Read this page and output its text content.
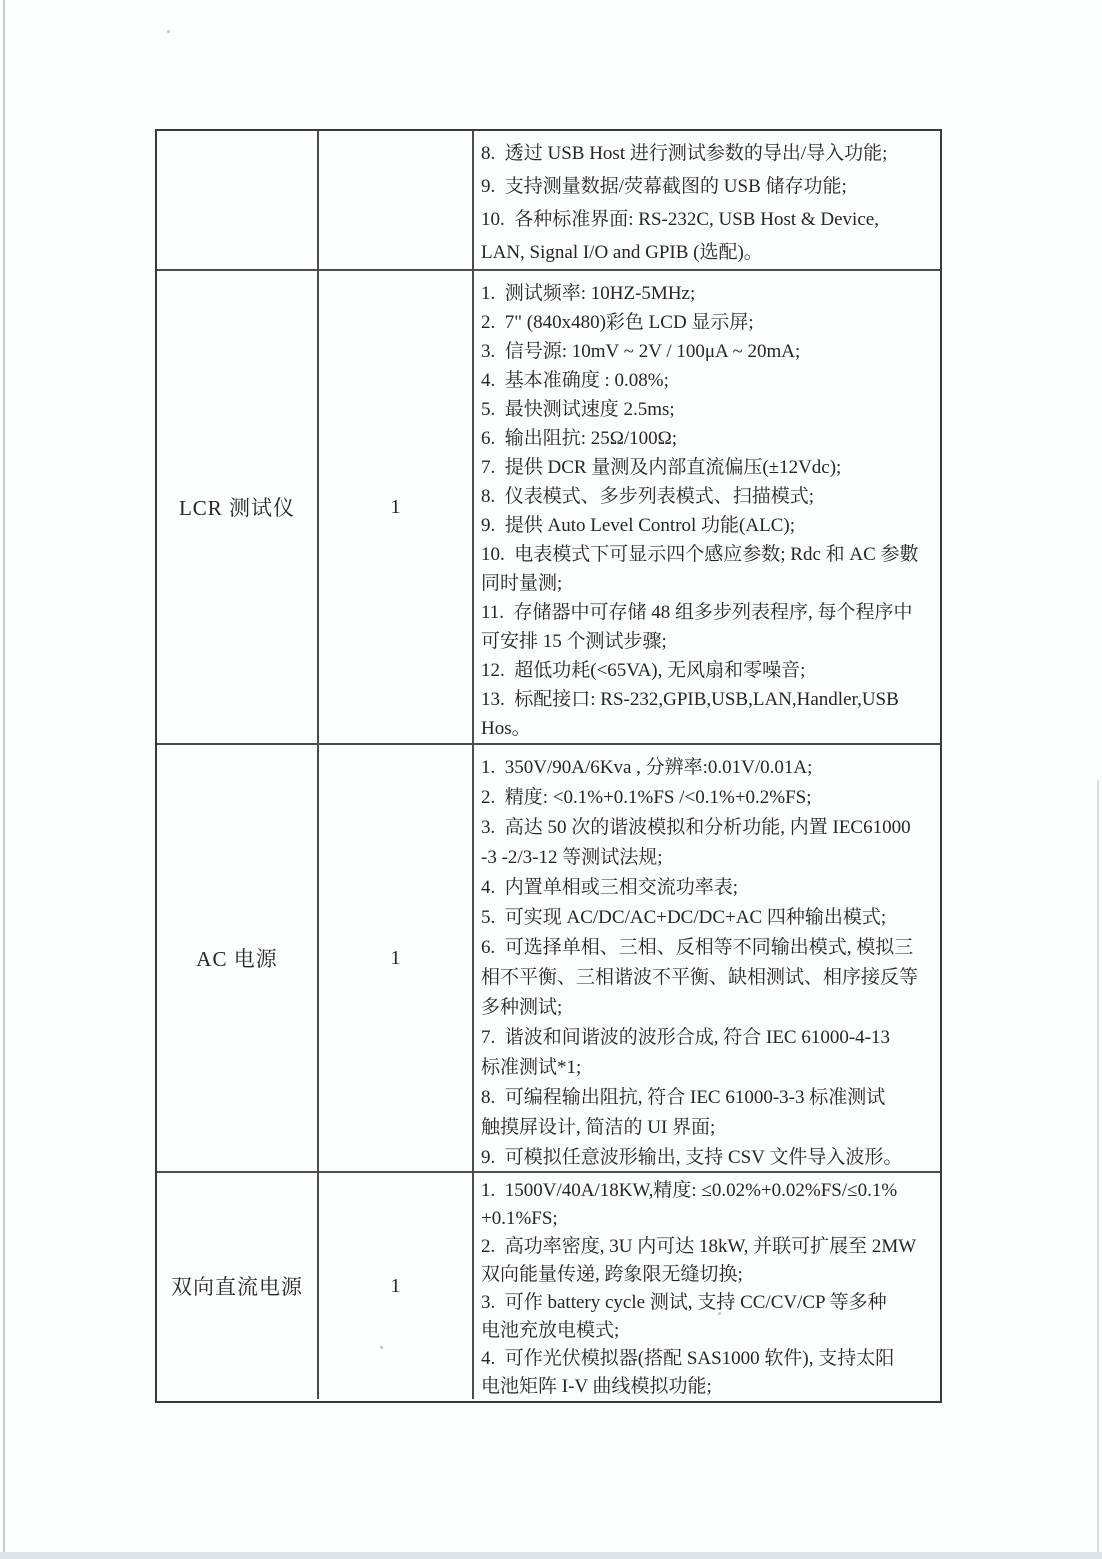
8.  透过 USB Host 进行测试参数的导出/导入功能;
9.  支持测量数据/荧幕截图的 USB 储存功能;
10.  各种标准界面: RS-232C, USB Host & Device,
LAN, Signal I/O and GPIB (选配)。
LCR 测试仪	1
1.  测试频率: 10HZ-5MHz;
2.  7" (840x480)彩色 LCD 显示屏;
3.  信号源: 10mV ~ 2V / 100μA ~ 20mA;
4.  基本准确度 : 0.08%;
5.  最快测试速度 2.5ms;
6.  输出阻抗: 25Ω/100Ω;
7.  提供 DCR 量测及内部直流偏压(±12Vdc);
8.  仪表模式、多步列表模式、扫描模式;
9.  提供 Auto Level Control 功能(ALC);
10.  电表模式下可显示四个感应参数; Rdc 和 AC 参數
同时量测;
11.  存储器中可存储 48 组多步列表程序, 每个程序中
可安排 15 个测试步骤;
12.  超低功耗(<65VA), 无风扇和零噪音;
13.  标配接口: RS-232,GPIB,USB,LAN,Handler,USB
Hos。
AC 电源	1
1.  350V/90A/6Kva , 分辨率:0.01V/0.01A;
2.  精度: <0.1%+0.1%FS /<0.1%+0.2%FS;
3.  高达 50 次的谐波模拟和分析功能, 内置 IEC61000
-3 -2/3-12 等测试法规;
4.  内置单相或三相交流功率表;
5.  可实现 AC/DC/AC+DC/DC+AC 四种输出模式;
6.  可选择单相、三相、反相等不同输出模式, 模拟三
相不平衡、三相谐波不平衡、缺相测试、相序接反等
多种测试;
7.  谐波和间谐波的波形合成, 符合 IEC 61000-4-13
标准测试*1;
8.  可编程输出阻抗, 符合 IEC 61000-3-3 标准测试
触摸屏设计, 简洁的 UI 界面;
9.  可模拟任意波形输出, 支持 CSV 文件导入波形。
双向直流电源	1
1.  1500V/40A/18KW,精度: ≤0.02%+0.02%FS/≤0.1%
+0.1%FS;
2.  高功率密度, 3U 内可达 18kW, 并联可扩展至 2MW
双向能量传递, 跨象限无缝切换;
3.  可作 battery cycle 测试, 支持 CC/CV/CP 等多种
电池充放电模式;
4.  可作光伏模拟器(搭配 SAS1000 软件), 支持太阳
电池矩阵 I-V 曲线模拟功能;
